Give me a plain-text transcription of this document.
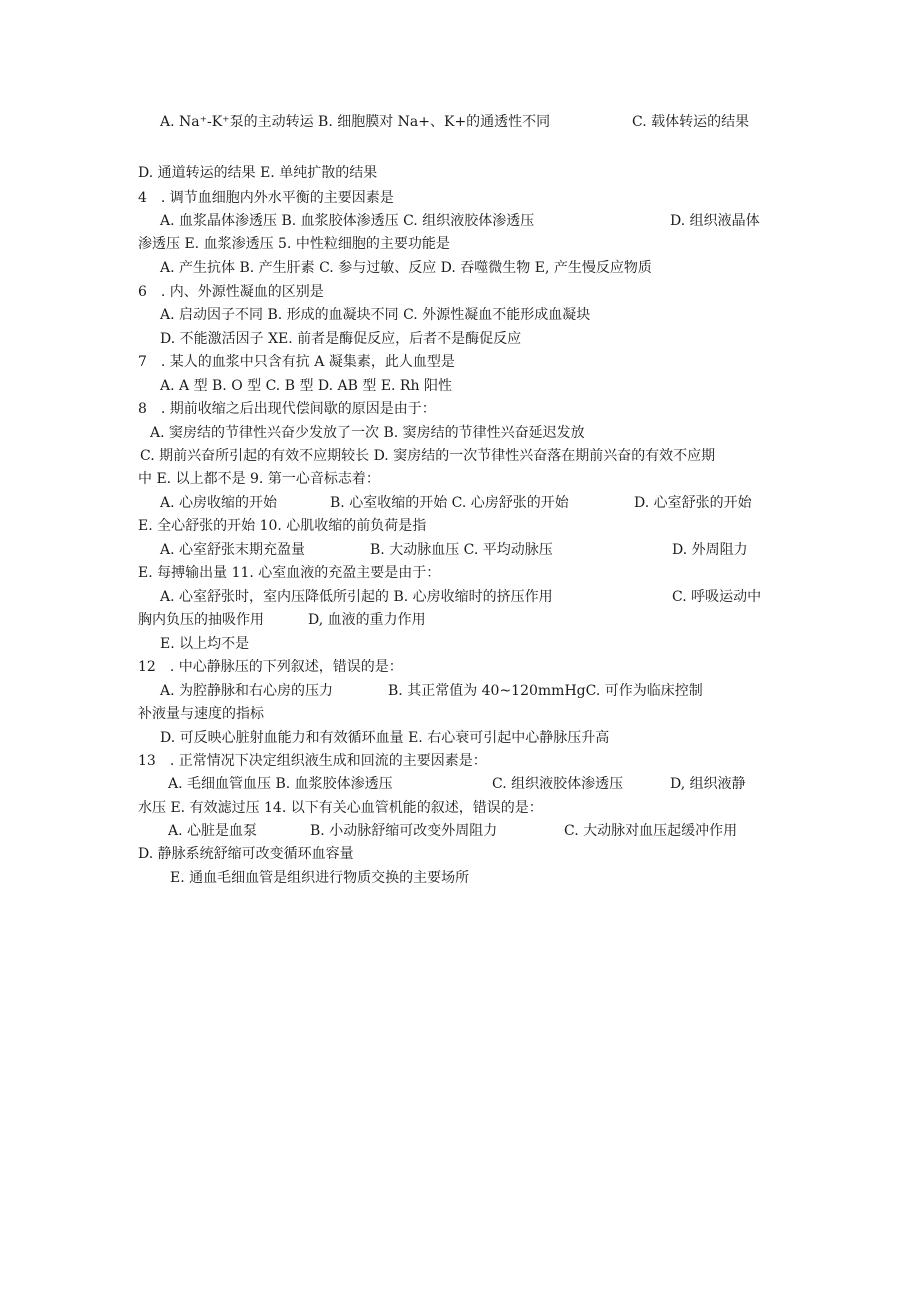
A. Na⁺-K⁺泵的主动转运 B. 细胞膜对 Na+、K+的通透性不同

	C. 载体转运的结果

D. 通道转运的结果 E. 单纯扩散的结果

4　. 调节血细胞内外水平衡的主要因素是

A. 血浆晶体渗透压 B. 血浆胶体渗透压 C. 组织液胶体渗透压

	D. 组织液晶体

渗透压 E. 血浆渗透压 5. 中性粒细胞的主要功能是

A. 产生抗体 B. 产生肝素 C. 参与过敏、反应 D. 吞噬微生物 E, 产生慢反应物质

6　. 内、外源性凝血的区别是

A. 启动因子不同 B. 形成的血凝块不同 C. 外源性凝血不能形成血凝块

D. 不能激活因子 XE. 前者是酶促反应，后者不是酶促反应

7　. 某人的血浆中只含有抗 A 凝集素，此人血型是

A. A 型 B. O 型 C. B 型 D. AB 型 E. Rh 阳性

8　. 期前收缩之后出现代偿间歇的原因是由于：

A. 窦房结的节律性兴奋少发放了一次 B. 窦房结的节律性兴奋延迟发放

C. 期前兴奋所引起的有效不应期较长 D. 窦房结的一次节律性兴奋落在期前兴奋的有效不应期

中 E. 以上都不是 9. 第一心音标志着：

A. 心房收缩的开始

	B. 心室收缩的开始 C. 心房舒张的开始

	D. 心室舒张的开始

E. 全心舒张的开始 10. 心肌收缩的前负荷是指

A. 心室舒张末期充盈量

	B. 大动脉血压 C. 平均动脉压

	D. 外周阻力

E. 每搏输出量 11. 心室血液的充盈主要是由于：

A. 心室舒张时，室内压降低所引起的 B. 心房收缩时的挤压作用

	C. 呼吸运动中

胸内负压的抽吸作用

	D, 血液的重力作用

E. 以上均不是

12　. 中心静脉压的下列叙述，错误的是：

A. 为腔静脉和右心房的压力

	B. 其正常值为 40~120mmHgC. 可作为临床控制

补液量与速度的指标

D. 可反映心脏射血能力和有效循环血量 E. 右心衰可引起中心静脉压升高

13　. 正常情况下决定组织液生成和回流的主要因素是：

A. 毛细血管血压 B. 血浆胶体渗透压

	C. 组织液胶体渗透压

	D, 组织液静

水压 E. 有效滤过压 14. 以下有关心血管机能的叙述，错误的是：

A. 心脏是血泵

	B. 小动脉舒缩可改变外周阻力

	C. 大动脉对血压起缓冲作用

D. 静脉系统舒缩可改变循环血容量

E. 通血毛细血管是组织进行物质交换的主要场所
